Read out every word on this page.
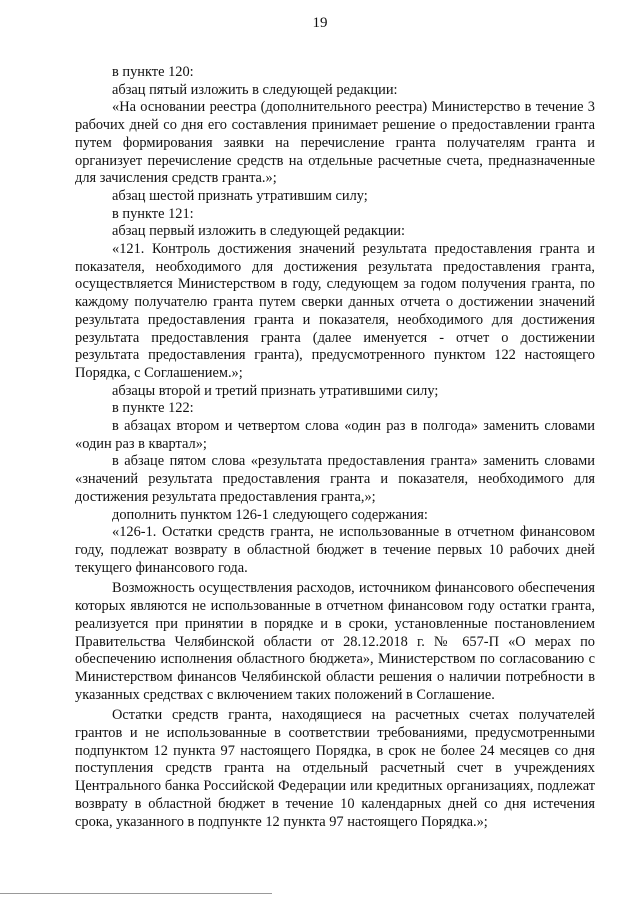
19

в пункте 120:

абзац пятый изложить в следующей редакции:

«На основании реестра (дополнительного реестра) Министерство в течение 3 рабочих дней со дня его составления принимает решение о предоставлении гранта путем формирования заявки на перечисление гранта получателям гранта и организует перечисление средств на отдельные расчетные счета, предназначенные для зачисления средств гранта.»;

абзац шестой признать утратившим силу;

в пункте 121:

абзац первый изложить в следующей редакции:

«121. Контроль достижения значений результата предоставления гранта и показателя, необходимого для достижения результата предоставления гранта, осуществляется Министерством в году, следующем за годом получения гранта, по каждому получателю гранта путем сверки данных отчета о достижении значений результата предоставления гранта и показателя, необходимого для достижения результата предоставления гранта (далее именуется - отчет о достижении результата предоставления гранта), предусмотренного пунктом 122 настоящего Порядка, с Соглашением.»;

абзацы второй и третий признать утратившими силу;

в пункте 122:

в абзацах втором и четвертом слова «один раз в полгода» заменить словами «один раз в квартал»;

в абзаце пятом слова «результата предоставления гранта» заменить словами «значений результата предоставления гранта и показателя, необходимого для достижения результата предоставления гранта,»;

дополнить пунктом 126-1 следующего содержания:

«126-1. Остатки средств гранта, не использованные в отчетном финансовом году, подлежат возврату в областной бюджет в течение первых 10 рабочих дней текущего финансового года.

Возможность осуществления расходов, источником финансового обеспечения которых являются не использованные в отчетном финансовом году остатки гранта, реализуется при принятии в порядке и в сроки, установленные постановлением Правительства Челябинской области от 28.12.2018 г. № 657-П «О мерах по обеспечению исполнения областного бюджета», Министерством по согласованию с Министерством финансов Челябинской области решения о наличии потребности в указанных средствах с включением таких положений в Соглашение.

Остатки средств гранта, находящиеся на расчетных счетах получателей грантов и не использованные в соответствии требованиями, предусмотренными подпунктом 12 пункта 97 настоящего Порядка, в срок не более 24 месяцев со дня поступления средств гранта на отдельный расчетный счет в учреждениях Центрального банка Российской Федерации или кредитных организациях, подлежат возврату в областной бюджет в течение 10 календарных дней со дня истечения срока, указанного в подпункте 12 пункта 97 настоящего Порядка.»;
